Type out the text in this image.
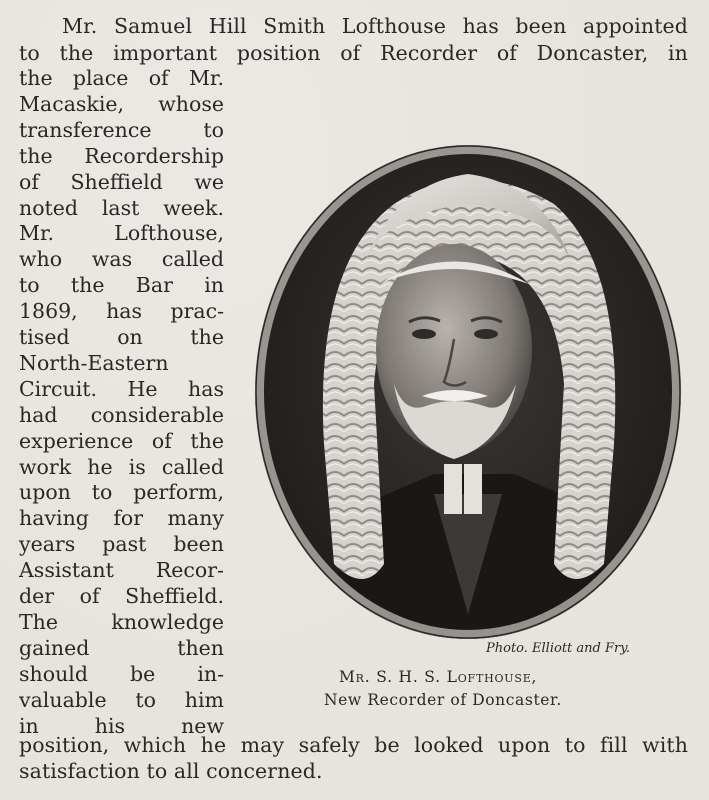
Mr. Samuel Hill Smith Lofthouse has been appointed
to the important position of Recorder of Doncaster, in
the place of Mr.
Macaskie, whose
transference to
the Recordership
of Sheffield we
noted last week.
Mr. Lofthouse,
who was called
to the Bar in
1869, has prac-
tised on the
North-Eastern
Circuit. He has
had considerable
experience of the
work he is called
upon to perform,
having for many
years past been
Assistant Recor-
der of Sheffield.
The knowledge
gained then
should be in-
valuable to him
in his new
Photo. Elliott and Fry.
Mr. S. H. S. Lofthouse,
New Recorder of Doncaster.
position, which he may safely be looked upon to fill with
satisfaction to all concerned.
